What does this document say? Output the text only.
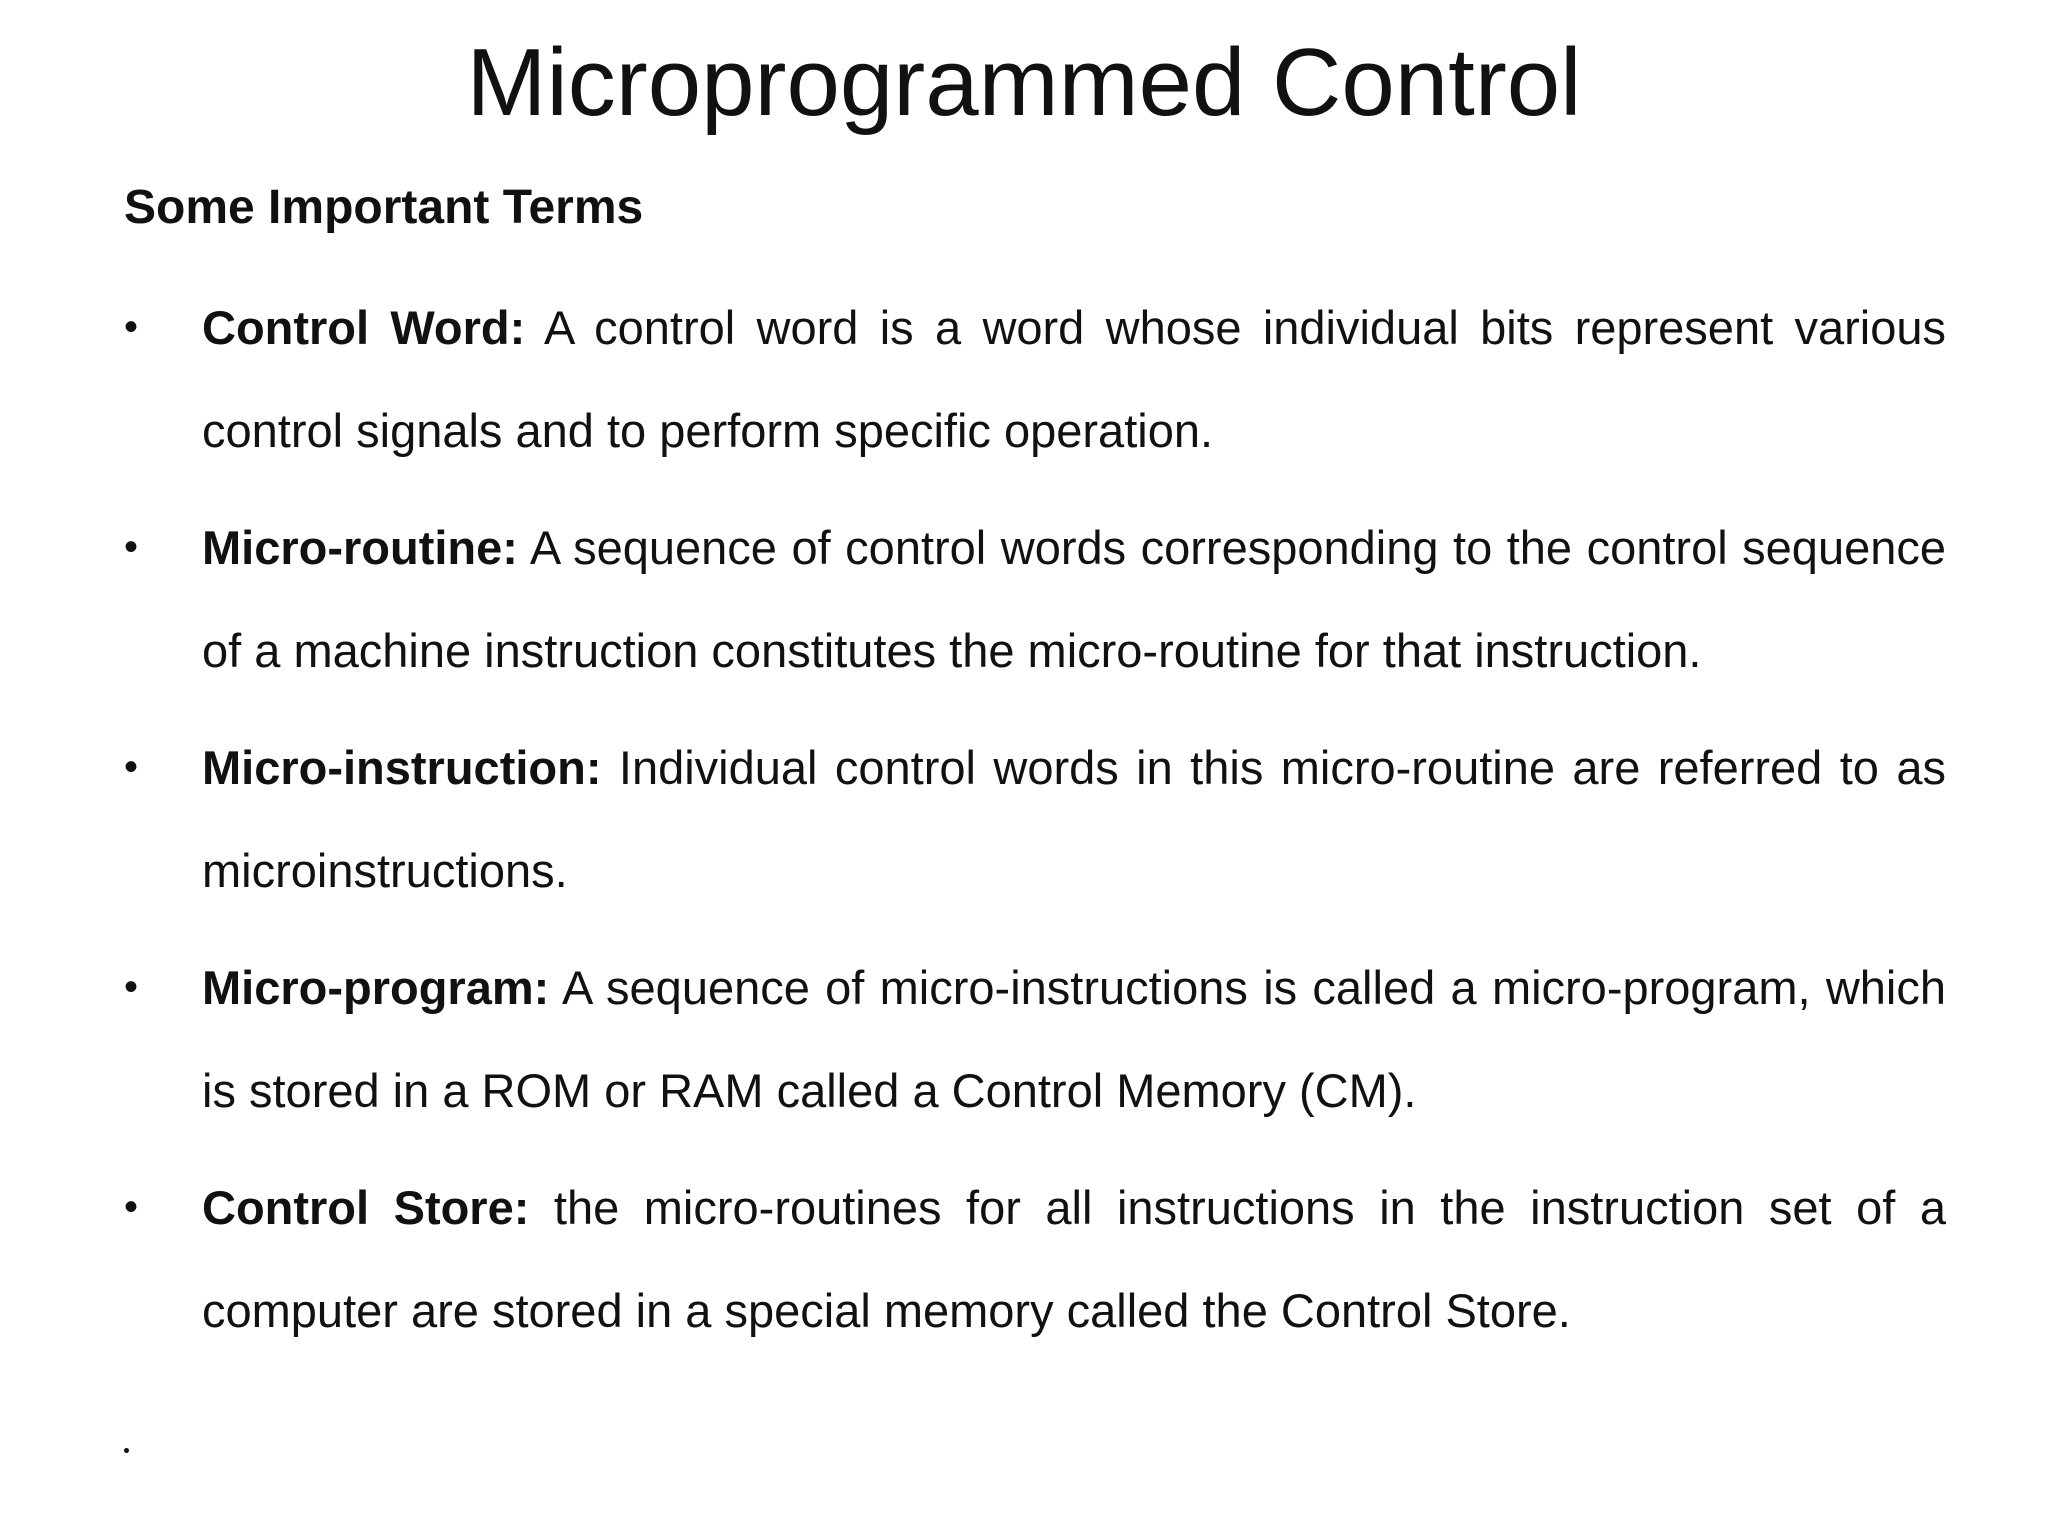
Microprogrammed Control

Some Important Terms

•	Control Word: A control word is a word whose individual bits represent various control signals and to perform specific operation.
•	Micro-routine: A sequence of control words corresponding to the control sequence of a machine instruction constitutes the micro-routine for that instruction.
•	Micro-instruction: Individual control words in this micro-routine are referred to as microinstructions.
•	Micro-program: A sequence of micro-instructions is called a micro-program, which is stored in a ROM or RAM called a Control Memory (CM).
•	Control Store: the micro-routines for all instructions in the instruction set of a computer are stored in a special memory called the Control Store.
